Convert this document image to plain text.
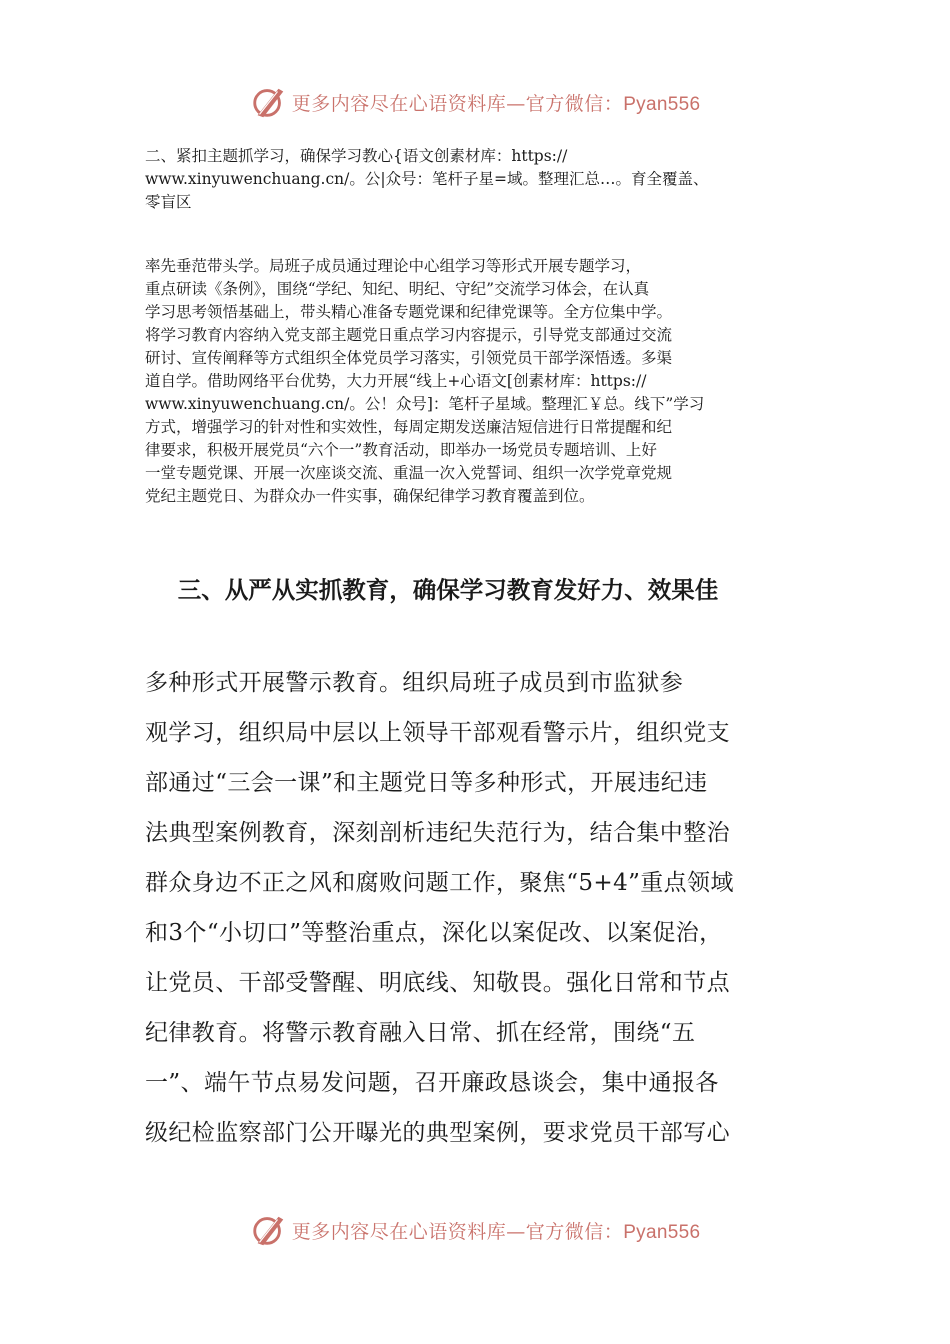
更多内容尽在心语资料库—官方微信：Pyan556
二、紧扣主题抓学习，确保学习教心{语文创素材库：https://
www.xinyuwenchuang.cn/。公|众号：笔杆子星=域。整理汇总…。育全覆盖、
零盲区
率先垂范带头学。局班子成员通过理论中心组学习等形式开展专题学习，
重点研读《条例》，围绕“学纪、知纪、明纪、守纪”交流学习体会，在认真
学习思考领悟基础上，带头精心准备专题党课和纪律党课等。全方位集中学。
将学习教育内容纳入党支部主题党日重点学习内容提示，引导党支部通过交流
研讨、宣传阐释等方式组织全体党员学习落实，引领党员干部学深悟透。多渠
道自学。借助网络平台优势，大力开展“线上+心语文[创素材库：https://
www.xinyuwenchuang.cn/。公！众号]：笔杆子星域。整理汇￥总。线下”学习
方式，增强学习的针对性和实效性，每周定期发送廉洁短信进行日常提醒和纪
律要求，积极开展党员“六个一”教育活动，即举办一场党员专题培训、上好
一堂专题党课、开展一次座谈交流、重温一次入党誓词、组织一次学党章党规
党纪主题党日、为群众办一件实事，确保纪律学习教育覆盖到位。
三、从严从实抓教育，确保学习教育发好力、效果佳
多种形式开展警示教育。组织局班子成员到市监狱参
观学习，组织局中层以上领导干部观看警示片，组织党支
部通过“三会一课”和主题党日等多种形式，开展违纪违
法典型案例教育，深刻剖析违纪失范行为，结合集中整治
群众身边不正之风和腐败问题工作，聚焦“5+4”重点领域
和3个“小切口”等整治重点，深化以案促改、以案促治，
让党员、干部受警醒、明底线、知敬畏。强化日常和节点
纪律教育。将警示教育融入日常、抓在经常，围绕“五
一”、端午节点易发问题，召开廉政恳谈会，集中通报各
级纪检监察部门公开曝光的典型案例，要求党员干部写心
更多内容尽在心语资料库—官方微信：Pyan556
